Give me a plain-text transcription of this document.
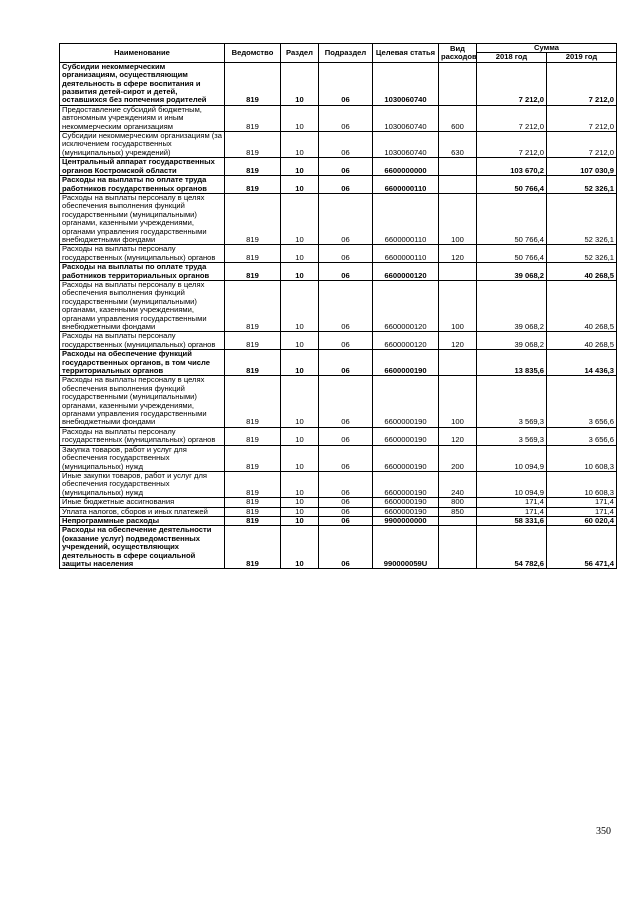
Наименование	Ведомство	Раздел	Подраздел	Целевая статья	Вид расходов	Сумма	
						2018 год	2019 год
Субсидии некоммерческим организациям, осуществляющим деятельность в сфере воспитания и развития детей-сирот и детей, оставшихся без попечения родителей	819	10	06	1030060740		7 212,0	7 212,0
Предоставление субсидий бюджетным, автономным учреждениям и иным некоммерческим организациям	819	10	06	1030060740	600	7 212,0	7 212,0
Субсидии некоммерческим организациям (за исключением государственных (муниципальных) учреждений)	819	10	06	1030060740	630	7 212,0	7 212,0
Центральный аппарат государственных органов Костромской области	819	10	06	6600000000		103 670,2	107 030,9
Расходы на выплаты по оплате труда работников государственных органов	819	10	06	6600000110		50 766,4	52 326,1
Расходы на выплаты персоналу в целях обеспечения выполнения функций государственными (муниципальными) органами, казенными учреждениями, органами управления государственными внебюджетными фондами	819	10	06	6600000110	100	50 766,4	52 326,1
Расходы на выплаты персоналу государственных (муниципальных) органов	819	10	06	6600000110	120	50 766,4	52 326,1
Расходы на выплаты по оплате труда работников территориальных органов	819	10	06	6600000120		39 068,2	40 268,5
Расходы на выплаты персоналу в целях обеспечения выполнения функций государственными (муниципальными) органами, казенными учреждениями, органами управления государственными внебюджетными фондами	819	10	06	6600000120	100	39 068,2	40 268,5
Расходы на выплаты персоналу государственных (муниципальных) органов	819	10	06	6600000120	120	39 068,2	40 268,5
Расходы на обеспечение функций государственных органов, в том числе территориальных органов	819	10	06	6600000190		13 835,6	14 436,3
Расходы на выплаты персоналу в целях обеспечения выполнения функций государственными (муниципальными) органами, казенными учреждениями, органами управления государственными внебюджетными фондами	819	10	06	6600000190	100	3 569,3	3 656,6
Расходы на выплаты персоналу государственных (муниципальных) органов	819	10	06	6600000190	120	3 569,3	3 656,6
Закупка товаров, работ и услуг для обеспечения государственных (муниципальных) нужд	819	10	06	6600000190	200	10 094,9	10 608,3
Иные закупки товаров, работ и услуг для обеспечения государственных (муниципальных) нужд	819	10	06	6600000190	240	10 094,9	10 608,3
Иные бюджетные ассигнования	819	10	06	6600000190	800	171,4	171,4
Уплата налогов, сборов и иных платежей	819	10	06	6600000190	850	171,4	171,4
Непрограммные расходы	819	10	06	9900000000		58 331,6	60 020,4
Расходы на обеспечение деятельности (оказание услуг) подведомственных учреждений, осуществляющих деятельность в сфере социальной защиты населения	819	10	06	990000059U		54 782,6	56 471,4
350
